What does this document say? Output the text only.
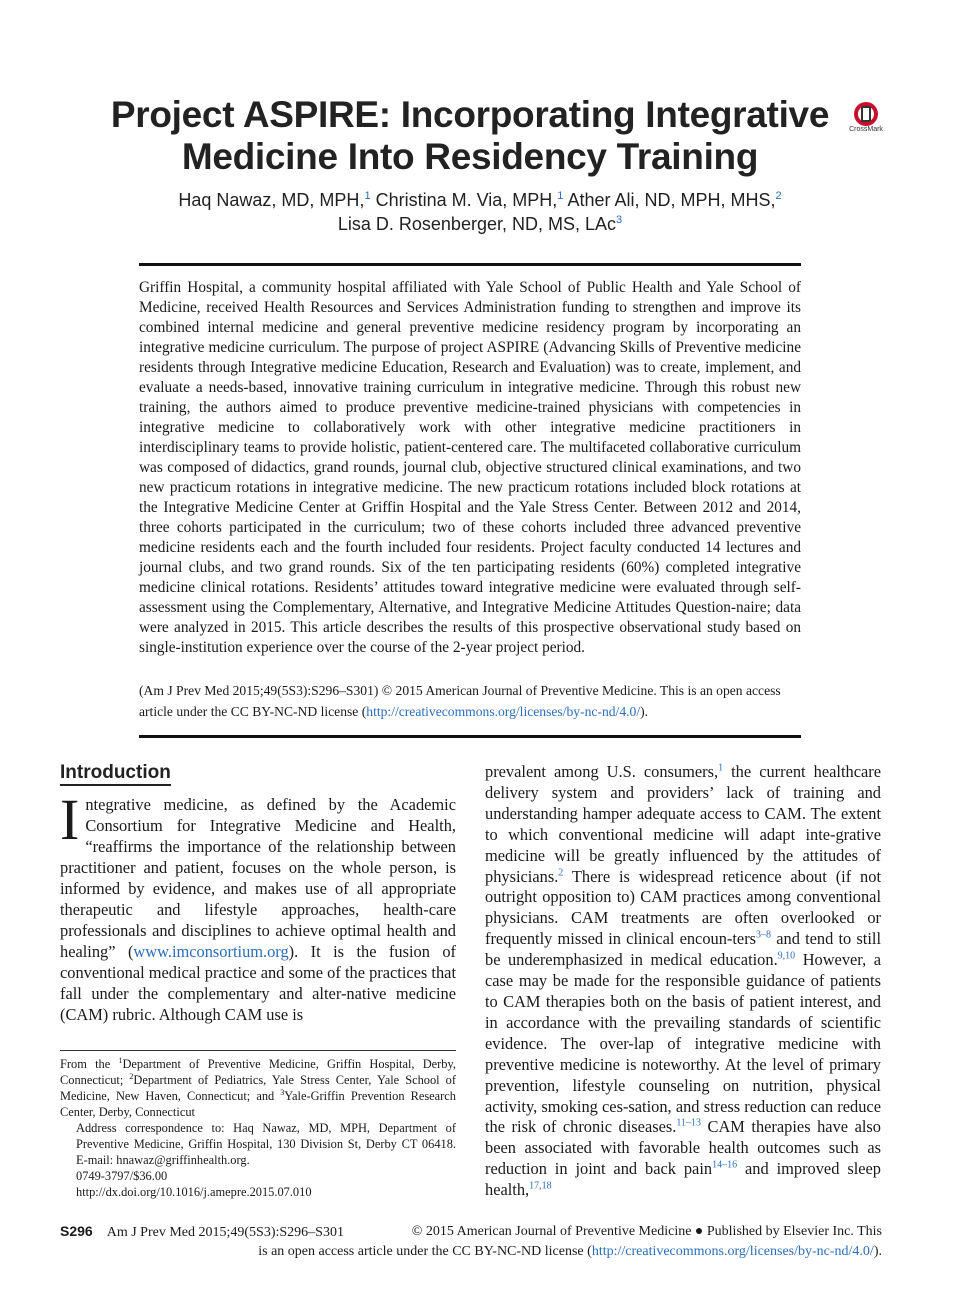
Project ASPIRE: Incorporating Integrative Medicine Into Residency Training
CrossMark
Haq Nawaz, MD, MPH,$^1$ Christina M. Via, MPH,$^1$ Ather Ali, ND, MPH, MHS,$^2$
Lisa D. Rosenberger, ND, MS, LAc$^3$

Griffin Hospital, a community hospital affiliated with Yale School of Public Health and Yale School of Medicine, received Health Resources and Services Administration funding to strengthen and improve its combined internal medicine and general preventive medicine residency program by incorporating an integrative medicine curriculum. The purpose of project ASPIRE (Advancing Skills of Preventive medicine residents through Integrative medicine Education, Research and Evaluation) was to create, implement, and evaluate a needs-based, innovative training curriculum in integrative medicine. Through this robust new training, the authors aimed to produce preventive medicine-trained physicians with competencies in integrative medicine to collaboratively work with other integrative medicine practitioners in interdisciplinary teams to provide holistic, patient-centered care. The multifaceted collaborative curriculum was composed of didactics, grand rounds, journal club, objective structured clinical examinations, and two new practicum rotations in integrative medicine. The new practicum rotations included block rotations at the Integrative Medicine Center at Griffin Hospital and the Yale Stress Center. Between 2012 and 2014, three cohorts participated in the curriculum; two of these cohorts included three advanced preventive medicine residents each and the fourth included four residents. Project faculty conducted 14 lectures and journal clubs, and two grand rounds. Six of the ten participating residents (60%) completed integrative medicine clinical rotations. Residents’ attitudes toward integrative medicine were evaluated through self-assessment using the Complementary, Alternative, and Integrative Medicine Attitudes Question-naire; data were analyzed in 2015. This article describes the results of this prospective observational study based on single-institution experience over the course of the 2-year project period.

(Am J Prev Med 2015;49(5S3):S296–S301) © 2015 American Journal of Preventive Medicine. This is an open access article under the CC BY-NC-ND license (http://creativecommons.org/licenses/by-nc-nd/4.0/).

Introduction
Integrative medicine, as defined by the Academic Consortium for Integrative Medicine and Health, “reaffirms the importance of the relationship between practitioner and patient, focuses on the whole person, is informed by evidence, and makes use of all appropriate therapeutic and lifestyle approaches, health-care professionals and disciplines to achieve optimal health and healing” (www.imconsortium.org). It is the fusion of conventional medical practice and some of the practices that fall under the complementary and alter-native medicine (CAM) rubric. Although CAM use is
prevalent among U.S. consumers,$^1$ the current healthcare delivery system and providers’ lack of training and understanding hamper adequate access to CAM. The extent to which conventional medicine will adapt inte-grative medicine will be greatly influenced by the attitudes of physicians.$^2$ There is widespread reticence about (if not outright opposition to) CAM practices among conventional physicians. CAM treatments are often overlooked or frequently missed in clinical encoun-ters$^{3-8}$ and tend to still be underemphasized in medical education.$^{9,10}$ However, a case may be made for the responsible guidance of patients to CAM therapies both on the basis of patient interest, and in accordance with the prevailing standards of scientific evidence. The over-lap of integrative medicine with preventive medicine is noteworthy. At the level of primary prevention, lifestyle counseling on nutrition, physical activity, smoking ces-sation, and stress reduction can reduce the risk of chronic diseases.$^{11-13}$ CAM therapies have also been associated with favorable health outcomes such as reduction in joint and back pain$^{14-16}$ and improved sleep health,$^{17,18}$

From the $^1$Department of Preventive Medicine, Griffin Hospital, Derby, Connecticut; $^2$Department of Pediatrics, Yale Stress Center, Yale School of Medicine, New Haven, Connecticut; and $^3$Yale-Griffin Prevention Research Center, Derby, Connecticut

Address correspondence to: Haq Nawaz, MD, MPH, Department of Preventive Medicine, Griffin Hospital, 130 Division St, Derby CT 06418. E-mail: hnawaz@griffinhealth.org.

0749-3797/$36.00

http://dx.doi.org/10.1016/j.amepre.2015.07.010

S296 Am J Prev Med 2015;49(5S3):S296–S301	© 2015 American Journal of Preventive Medicine ● Published by Elsevier Inc. This
is an open access article under the CC BY-NC-ND license (http://creativecommons.org/licenses/by-nc-nd/4.0/).
